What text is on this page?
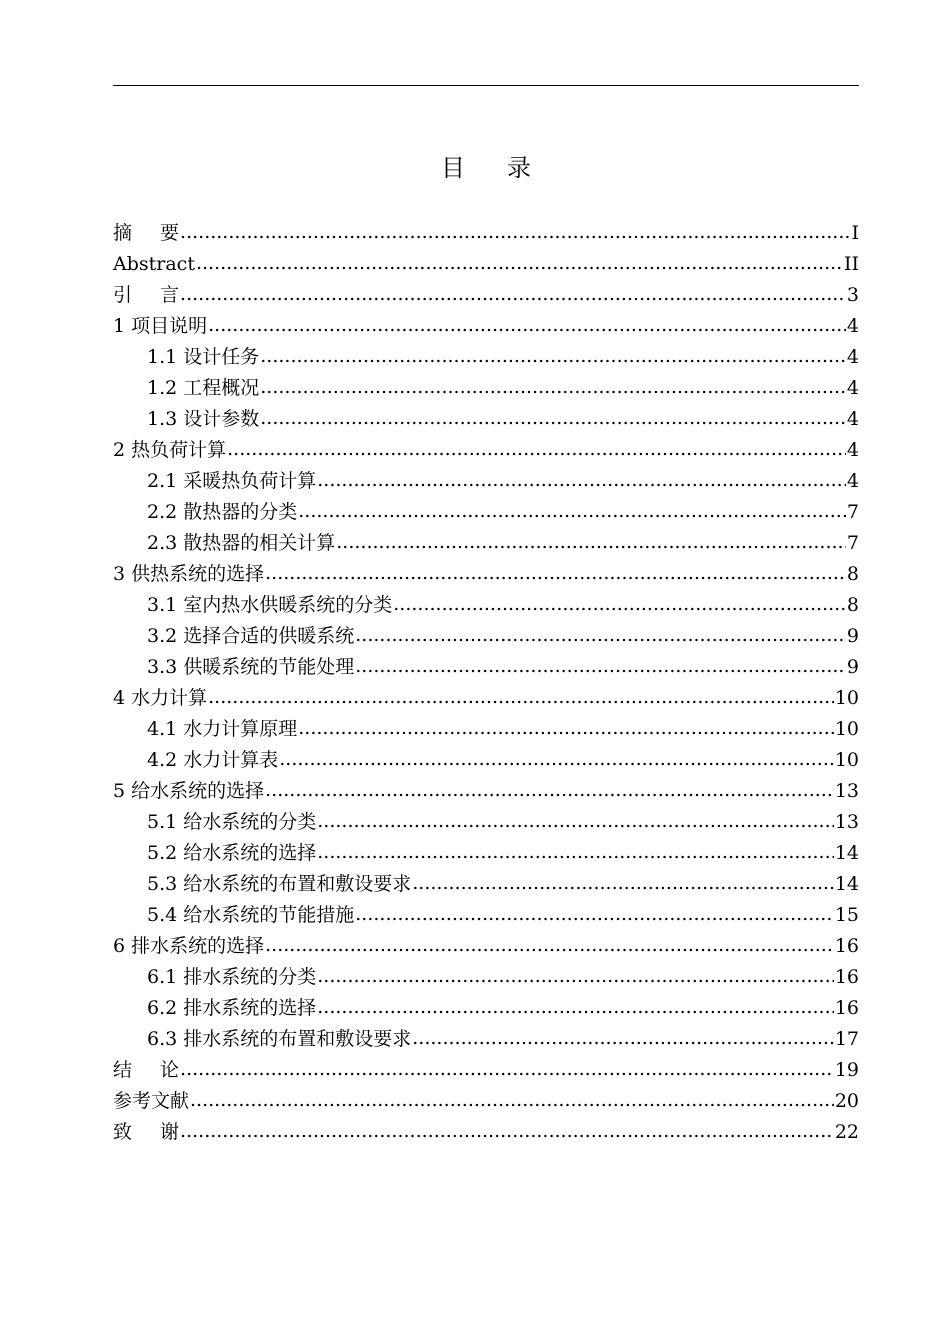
目录
摘 要 .....	I
Abstract .....	II
引 言 .....	3
1 项目说明 .....	4
1.1 设计任务 .....	4
1.2 工程概况 .....	4
1.3 设计参数 .....	4
2 热负荷计算 .....	4
2.1 采暖热负荷计算 .....	4
2.2 散热器的分类 .....	7
2.3 散热器的相关计算 .....	7
3 供热系统的选择 .....	8
3.1 室内热水供暖系统的分类 .....	8
3.2 选择合适的供暖系统 .....	9
3.3 供暖系统的节能处理 .....	9
4 水力计算 .....	10
4.1 水力计算原理 .....	10
4.2 水力计算表 .....	10
5 给水系统的选择 .....	13
5.1 给水系统的分类 .....	13
5.2 给水系统的选择 .....	14
5.3 给水系统的布置和敷设要求 .....	14
5.4 给水系统的节能措施 .....	15
6 排水系统的选择 .....	16
6.1 排水系统的分类 .....	16
6.2 排水系统的选择 .....	16
6.3 排水系统的布置和敷设要求 .....	17
结 论 .....	19
参考文献 .....	20
致 谢 .....	22
